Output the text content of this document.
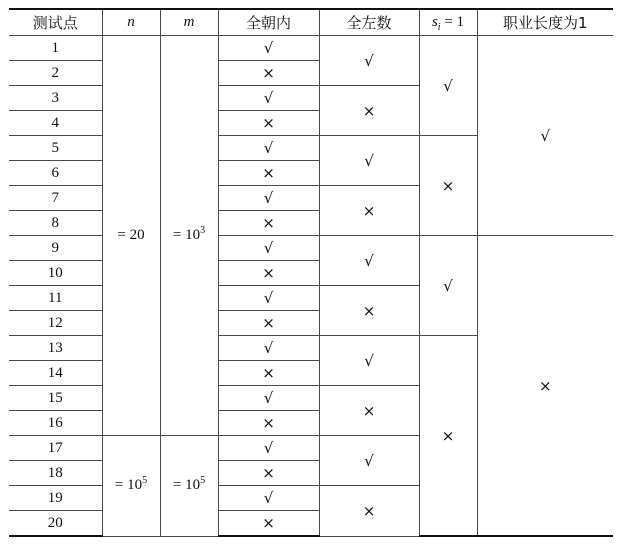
测试点	n	m	全朝内	全左数	$s_i = 1$	职业长度为1
1	= 20	= $10^3$	√	√	√	√
2			×			
3			√	×		
4			×			
5			√	√	×	
6			×			
7			√	×		
8			×			
9			√	√	√	×
10			×			
11			√	×		
12			×			
13			√	√	×	
14			×			
15			√	×		
16			×			
17	= $10^5$	= $10^5$	√	√		
18			×			
19			√	×		
20			×			
